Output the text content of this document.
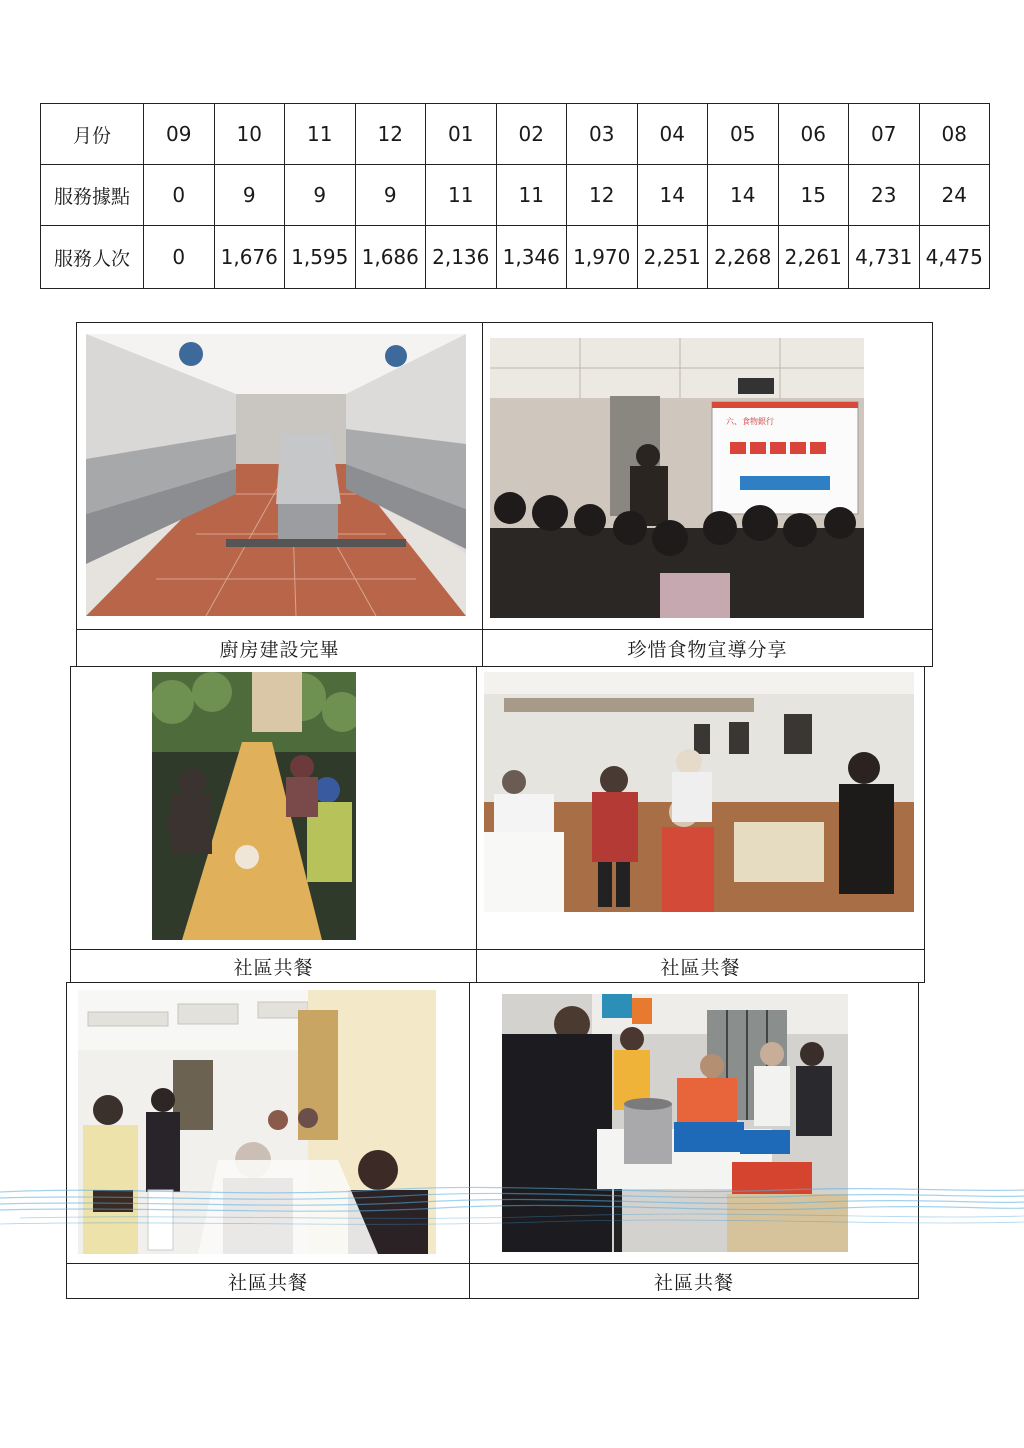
月份	09	10	11	12	01	02	03	04	05	06	07	08
服務據點	0	9	9	9	11	11	12	14	14	15	23	24
服務人次	0	1,676	1,595	1,686	2,136	1,346	1,970	2,251	2,268	2,261	4,731	4,475

廚房建設完畢	珍惜食物宣導分享

社區共餐	社區共餐

社區共餐	社區共餐
六、食物銀行
